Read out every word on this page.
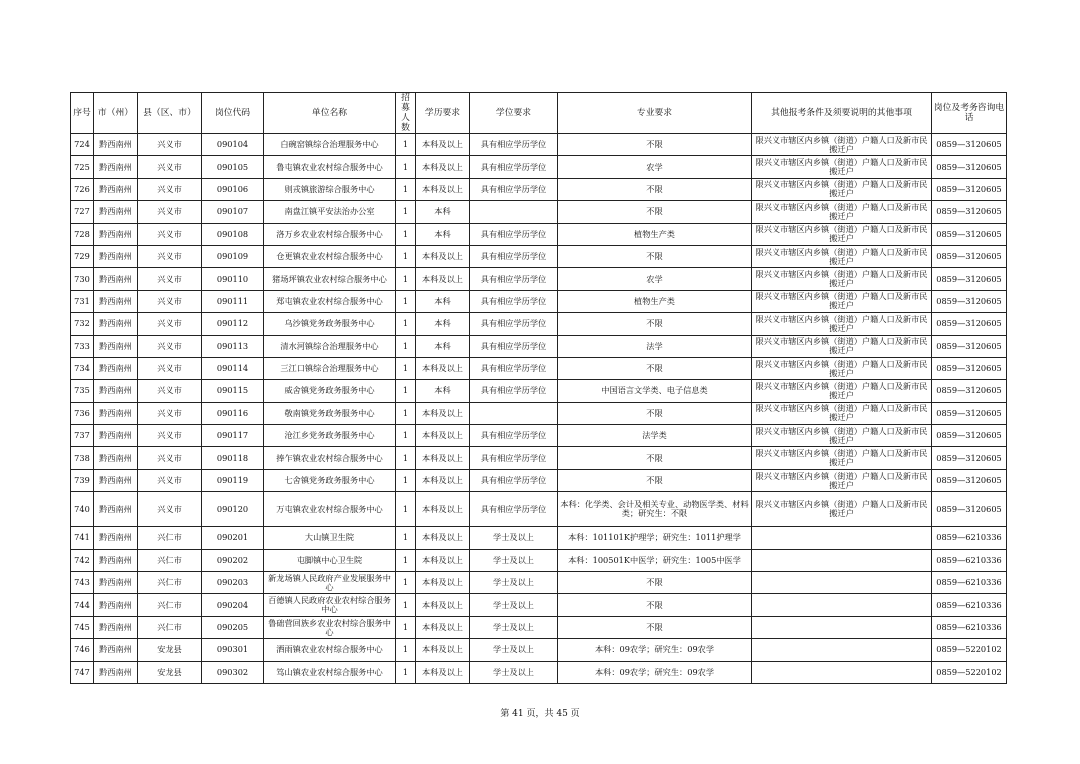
序号	市（州）	县（区、市）	岗位代码	单位名称	招募人数	学历要求	学位要求	专业要求	其他报考条件及须要说明的其他事项	岗位及考务咨询电话
724	黔西南州	兴义市	090104	白碗窑镇综合治理服务中心	1	本科及以上	具有相应学历学位	不限	限兴义市辖区内乡镇（街道）户籍人口及新市民搬迁户	0859—3120605
725	黔西南州	兴义市	090105	鲁屯镇农业农村综合服务中心	1	本科及以上	具有相应学历学位	农学	限兴义市辖区内乡镇（街道）户籍人口及新市民搬迁户	0859—3120605
726	黔西南州	兴义市	090106	则戎镇旅游综合服务中心	1	本科及以上	具有相应学历学位	不限	限兴义市辖区内乡镇（街道）户籍人口及新市民搬迁户	0859—3120605
727	黔西南州	兴义市	090107	南盘江镇平安法治办公室	1	本科		不限	限兴义市辖区内乡镇（街道）户籍人口及新市民搬迁户	0859—3120605
728	黔西南州	兴义市	090108	洛万乡农业农村综合服务中心	1	本科	具有相应学历学位	植物生产类	限兴义市辖区内乡镇（街道）户籍人口及新市民搬迁户	0859—3120605
729	黔西南州	兴义市	090109	仓更镇农业农村综合服务中心	1	本科及以上	具有相应学历学位	不限	限兴义市辖区内乡镇（街道）户籍人口及新市民搬迁户	0859—3120605
730	黔西南州	兴义市	090110	猪场坪镇农业农村综合服务中心	1	本科及以上	具有相应学历学位	农学	限兴义市辖区内乡镇（街道）户籍人口及新市民搬迁户	0859—3120605
731	黔西南州	兴义市	090111	郑屯镇农业农村综合服务中心	1	本科	具有相应学历学位	植物生产类	限兴义市辖区内乡镇（街道）户籍人口及新市民搬迁户	0859—3120605
732	黔西南州	兴义市	090112	乌沙镇党务政务服务中心	1	本科	具有相应学历学位	不限	限兴义市辖区内乡镇（街道）户籍人口及新市民搬迁户	0859—3120605
733	黔西南州	兴义市	090113	清水河镇综合治理服务中心	1	本科	具有相应学历学位	法学	限兴义市辖区内乡镇（街道）户籍人口及新市民搬迁户	0859—3120605
734	黔西南州	兴义市	090114	三江口镇综合治理服务中心	1	本科及以上	具有相应学历学位	不限	限兴义市辖区内乡镇（街道）户籍人口及新市民搬迁户	0859—3120605
735	黔西南州	兴义市	090115	威舍镇党务政务服务中心	1	本科	具有相应学历学位	中国语言文学类、电子信息类	限兴义市辖区内乡镇（街道）户籍人口及新市民搬迁户	0859—3120605
736	黔西南州	兴义市	090116	敬南镇党务政务服务中心	1	本科及以上		不限	限兴义市辖区内乡镇（街道）户籍人口及新市民搬迁户	0859—3120605
737	黔西南州	兴义市	090117	沧江乡党务政务服务中心	1	本科及以上	具有相应学历学位	法学类	限兴义市辖区内乡镇（街道）户籍人口及新市民搬迁户	0859—3120605
738	黔西南州	兴义市	090118	捧乍镇农业农村综合服务中心	1	本科及以上	具有相应学历学位	不限	限兴义市辖区内乡镇（街道）户籍人口及新市民搬迁户	0859—3120605
739	黔西南州	兴义市	090119	七舍镇党务政务服务中心	1	本科及以上	具有相应学历学位	不限	限兴义市辖区内乡镇（街道）户籍人口及新市民搬迁户	0859—3120605
740	黔西南州	兴义市	090120	万屯镇农业农村综合服务中心	1	本科及以上	具有相应学历学位	本科：化学类、会计及相关专业、动物医学类、材料类；研究生：不限	限兴义市辖区内乡镇（街道）户籍人口及新市民搬迁户	0859—3120605
741	黔西南州	兴仁市	090201	大山镇卫生院	1	本科及以上	学士及以上	本科：101101K护理学；研究生：1011护理学		0859—6210336
742	黔西南州	兴仁市	090202	屯脚镇中心卫生院	1	本科及以上	学士及以上	本科：100501K中医学；研究生：1005中医学		0859—6210336
743	黔西南州	兴仁市	090203	新龙场镇人民政府产业发展服务中心	1	本科及以上	学士及以上	不限		0859—6210336
744	黔西南州	兴仁市	090204	百德镇人民政府农业农村综合服务中心	1	本科及以上	学士及以上	不限		0859—6210336
745	黔西南州	兴仁市	090205	鲁础营回族乡农业农村综合服务中心	1	本科及以上	学士及以上	不限		0859—6210336
746	黔西南州	安龙县	090301	洒雨镇农业农村综合服务中心	1	本科及以上	学士及以上	本科：09农学；研究生：09农学		0859—5220102
747	黔西南州	安龙县	090302	笃山镇农业农村综合服务中心	1	本科及以上	学士及以上	本科：09农学；研究生：09农学		0859—5220102
第 41 页，共 45 页
